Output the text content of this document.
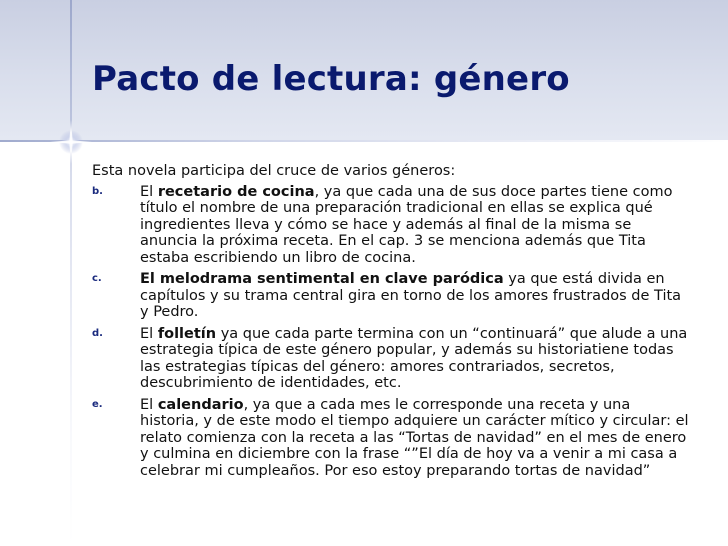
Pacto de lectura: género

Esta novela participa del cruce de varios géneros:

b.	El recetario de cocina, ya que cada una de sus doce partes tiene como título el nombre de una preparación tradicional en ellas se explica qué ingredientes lleva y cómo se hace y además al final de la misma se anuncia la próxima receta. En el cap. 3 se menciona además que Tita estaba escribiendo un libro de cocina.
c.	El melodrama sentimental en clave paródica ya que está divida en capítulos y su trama central gira en torno de los amores frustrados de Tita y Pedro.
d.	El folletín ya que cada parte termina con un “continuará” que alude a una estrategia típica de este género popular, y además su historiatiene todas las estrategias típicas del género: amores contrariados, secretos, descubrimiento de identidades, etc.
e.	El calendario, ya que a cada mes le corresponde una receta y una historia, y de este modo el tiempo adquiere un carácter mítico y circular: el relato comienza con la receta a las “Tortas de navidad” en el mes de enero y culmina en diciembre con la frase “”El día de hoy va a venir a mi casa a celebrar mi cumpleaños. Por eso estoy preparando tortas de navidad”
